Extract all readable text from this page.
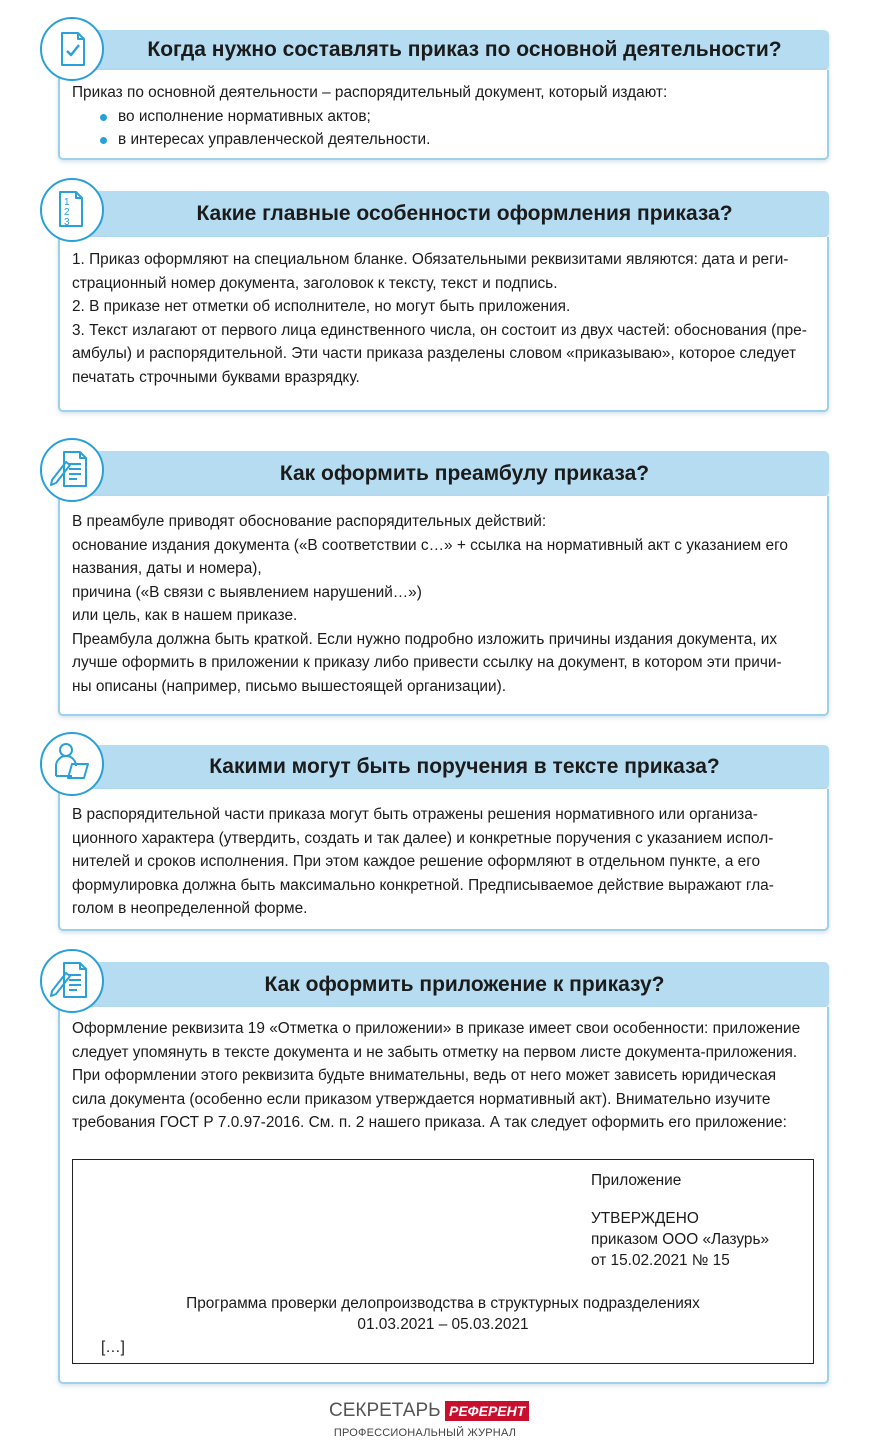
Когда нужно составлять приказ по основной деятельности?

Приказ по основной деятельности – распорядительный документ, который издают:

во исполнение нормативных актов;
в интересах управленческой деятельности.
Какие главные особенности оформления приказа?

1. Приказ оформляют на специальном бланке. Обязательными реквизитами являются: дата и реги-

страционный номер документа, заголовок к тексту, текст и подпись.

2. В приказе нет отметки об исполнителе, но могут быть приложения.

3. Текст излагают от первого лица единственного числа, он состоит из двух частей: обоснования (пре-

амбулы) и распорядительной. Эти части приказа разделены словом «приказываю», которое следует

печатать строчными буквами вразрядку.

1
2
3
Как оформить преамбулу приказа?

В преамбуле приводят обоснование распорядительных действий:

основание издания документа («В соответствии с…» + ссылка на нормативный акт с указанием его

названия, даты и номера),

причина («В связи с выявлением нарушений…»)

или цель, как в нашем приказе.

Преамбула должна быть краткой. Если нужно подробно изложить причины издания документа, их

лучше оформить в приложении к приказу либо привести ссылку на документ, в котором эти причи-

ны описаны (например, письмо вышестоящей организации).

Какими могут быть поручения в тексте приказа?

В распорядительной части приказа могут быть отражены решения нормативного или организа-

ционного характера (утвердить, создать и так далее) и конкретные поручения с указанием испол-

нителей и сроков исполнения. При этом каждое решение оформляют в отдельном пункте, а его

формулировка должна быть максимально конкретной. Предписываемое действие выражают гла-

голом в неопределенной форме.

Как оформить приложение к приказу?

Оформление реквизита 19 «Отметка о приложении» в приказе имеет свои особенности: приложение

следует упомянуть в тексте документа и не забыть отметку на первом листе документа-приложения.

При оформлении этого реквизита будьте внимательны, ведь от него может зависеть юридическая

сила документа (особенно если приказом утверждается нормативный акт). Внимательно изучите

требования ГОСТ Р 7.0.97-2016. См. п. 2 нашего приказа. А так следует оформить его приложение:

Приложение

УТВЕРЖДЕНО

приказом ООО «Лазурь»

от 15.02.2021 № 15

Программа проверки делопроизводства в структурных подразделениях

01.03.2021 – 05.03.2021

[…]
СЕКРЕТАРЬ РЕФЕРЕНТ
ПРОФЕССИОНАЛЬНЫЙ ЖУРНАЛ
